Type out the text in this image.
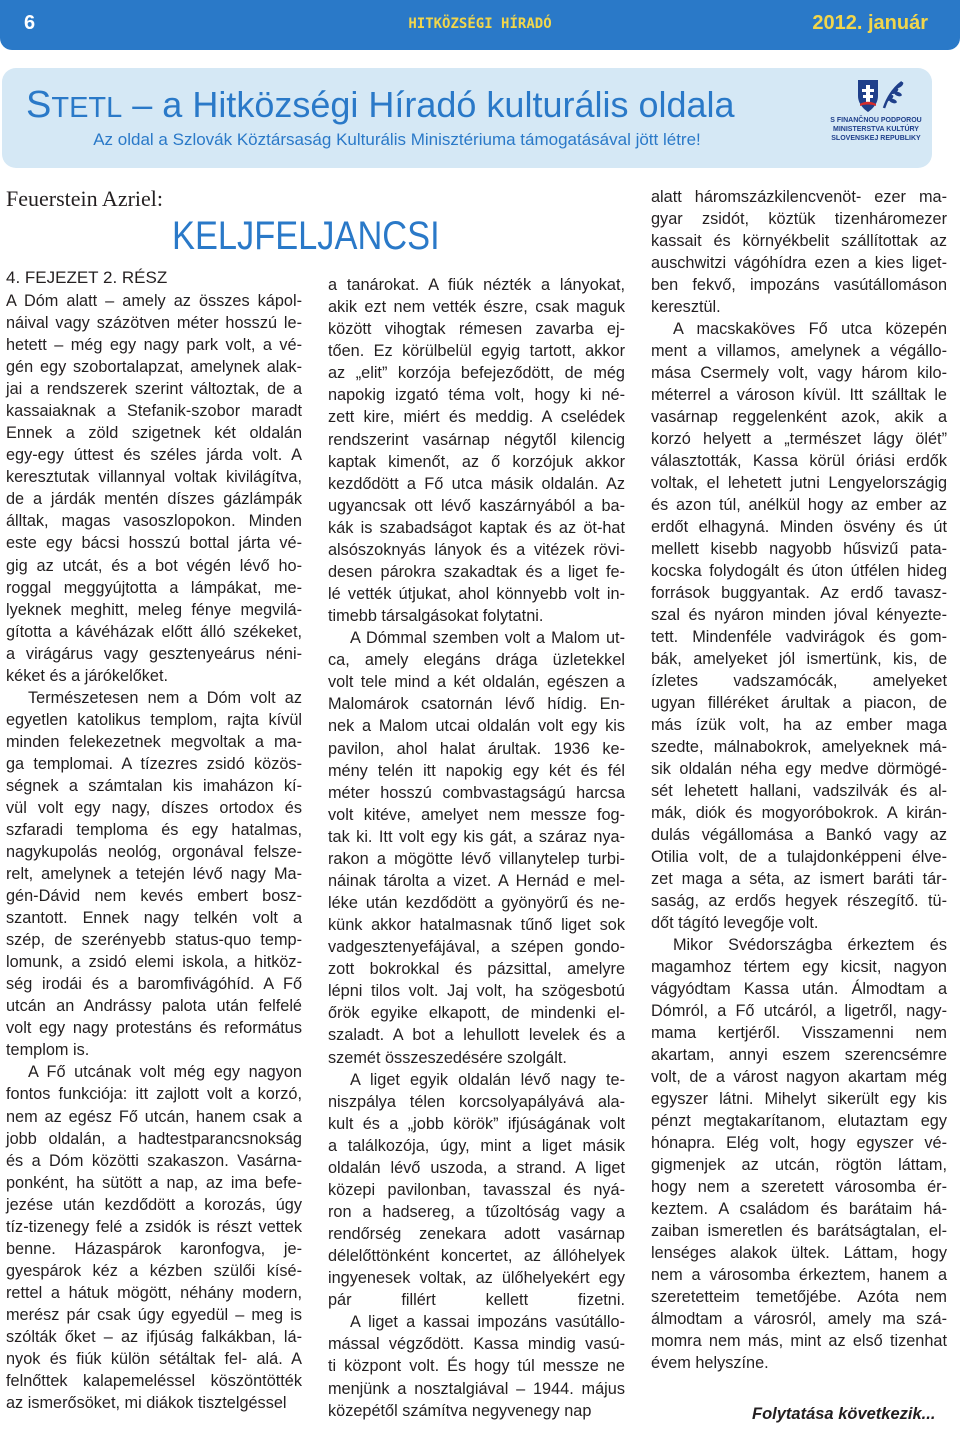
6	HITKÖZSÉGI HÍRADÓ	2012. január
STETL – a Hitközségi Híradó kulturális oldala
Az oldal a Szlovák Köztársaság Kulturális Minisztériuma támogatásával jött létre!
S FINANČNOU PODPOROU
MINISTERSTVA KULTÚRY
SLOVENSKEJ REPUBLIKY
Feuerstein Azriel:
KELJFELJANCSI
4. FEJEZET 2. RÉSZ
A Dóm alatt – amely az összes kápol-
náival vagy százötven méter hosszú le-
hetett – még egy nagy park volt, a vé-
gén egy szobortalapzat, amelynek alak-
jai a rendszerek szerint változtak, de a
kassaiaknak a Stefanik-szobor maradt
Ennek a zöld szigetnek két oldalán
egy-egy úttest és széles járda volt. A
keresztutak villannyal voltak kivilágítva,
de a járdák mentén díszes gázlámpák
álltak, magas vasoszlopokon. Minden
este egy bácsi hosszú bottal járta vé-
gig az utcát, és a bot végén lévő ho-
roggal meggyújtotta a lámpákat, me-
lyeknek meghitt, meleg fénye megvilá-
gította a kávéházak előtt álló székeket,
a virágárus vagy gesztenyeárus néni-
kéket és a járókelőket.
Természetesen nem a Dóm volt az
egyetlen katolikus templom, rajta kívül
minden felekezetnek megvoltak a ma-
ga templomai. A tízezres zsidó közös-
ségnek a számtalan kis imaházon kí-
vül volt egy nagy, díszes ortodox és
szfaradi temploma és egy hatalmas,
nagykupolás neológ, orgonával felsze-
relt, amelynek a tetején lévő nagy Ma-
gén-Dávid nem kevés embert bosz-
szantott. Ennek nagy telkén volt a
szép, de szerényebb status-quo temp-
lomunk, a zsidó elemi iskola, a hitköz-
ség irodái és a baromfivágóhíd. A Fő
utcán an Andrássy palota után felfelé
volt egy nagy protestáns és református
templom is.
A Fő utcának volt még egy nagyon
fontos funkciója: itt zajlott volt a korzó,
nem az egész Fő utcán, hanem csak a
jobb oldalán, a hadtestparancsnokság
és a Dóm közötti szakaszon. Vasárna-
ponként, ha sütött a nap, az ima befe-
jezése után kezdődött a korozás, úgy
tíz-tizenegy felé a zsidók is részt vettek
benne. Házaspárok karonfogva, je-
gyespárok kéz a kézben szülői kísé-
rettel a hátuk mögött, néhány modern,
merész pár csak úgy egyedül – meg is
szólták őket – az ifjúság falkákban, lá-
nyok és fiúk külön sétáltak fel- alá. A
felnőttek kalapemeléssel köszöntötték
az ismerősöket, mi diákok tisztelgéssel
a tanárokat. A fiúk nézték a lányokat,
akik ezt nem vették észre, csak maguk
között vihogtak rémesen zavarba ej-
tően. Ez körülbelül egyig tartott, akkor
az „elit” korzója befejeződött, de még
napokig izgató téma volt, hogy ki né-
zett kire, miért és meddig. A cselédek
rendszerint vasárnap négytől kilencig
kaptak kimenőt, az ő korzójuk akkor
kezdődött a Fő utca másik oldalán. Az
ugyancsak ott lévő kaszárnyából a ba-
kák is szabadságot kaptak és az öt-hat
alsószoknyás lányok és a vitézek rövi-
desen párokra szakadtak és a liget fe-
lé vették útjukat, ahol könnyebb volt in-
timebb társalgásokat folytatni.
A Dómmal szemben volt a Malom ut-
ca, amely elegáns drága üzletekkel
volt tele mind a két oldalán, egészen a
Malomárok csatornán lévő hídig. En-
nek a Malom utcai oldalán volt egy kis
pavilon, ahol halat árultak. 1936 ke-
mény telén itt napokig egy két és fél
méter hosszú combvastagságú harcsa
volt kitéve, amelyet nem messze fog-
tak ki. Itt volt egy kis gát, a száraz nya-
rakon a mögötte lévő villanytelep turbi-
náinak tárolta a vizet. A Hernád e mel-
léke után kezdődött a gyönyörű és ne-
künk akkor hatalmasnak tűnő liget sok
vadgesztenyefájával, a szépen gondo-
zott bokrokkal és pázsittal, amelyre
lépni tilos volt. Jaj volt, ha szögesbotú
őrök egyike elkapott, de mindenki el-
szaladt. A bot a lehullott levelek és a
szemét összeszedésére szolgált.
A liget egyik oldalán lévő nagy te-
niszpálya télen korcsolyapályává ala-
kult és a „jobb körök” ifjúságának volt
a találkozója, úgy, mint a liget másik
oldalán lévő uszoda, a strand. A liget
közepi pavilonban, tavasszal és nyá-
ron a hadsereg, a tűzoltóság vagy a
rendőrség zenekara adott vasárnap
délelőttönként koncertet, az állóhelyek
ingyenesek voltak, az ülőhelyekért egy
pár fillért kellett fizetni.
A liget a kassai impozáns vasútállo-
mással végződött. Kassa mindig vasú-
ti központ volt. És hogy túl messze ne
menjünk a nosztalgiával – 1944. május
közepétől számítva negyvenegy nap
alatt háromszázkilencvenöt- ezer ma-
gyar zsidót, köztük tizenháromezer
kassait és környékbelit szállítottak az
auschwitzi vágóhídra ezen a kies liget-
ben fekvő, impozáns vasútállomáson
keresztül.
A macskaköves Fő utca közepén
ment a villamos, amelynek a végállo-
mása Csermely volt, vagy három kilo-
méterrel a városon kívül. Itt szálltak le
vasárnap reggelenként azok, akik a
korzó helyett a „természet lágy ölét”
választották, Kassa körül óriási erdők
voltak, el lehetett jutni Lengyelországig
és azon túl, anélkül hogy az ember az
erdőt elhagyná. Minden ösvény és út
mellett kisebb nagyobb hűsvizű pata-
kocska folydogált és úton útfélen hideg
források buggyantak. Az erdő tavasz-
szal és nyáron minden jóval kényezte-
tett. Mindenféle vadvirágok és gom-
bák, amelyeket jól ismertünk, kis, de
ízletes vadszamócák, amelyeket
ugyan filléréket árultak a piacon, de
más ízük volt, ha az ember maga
szedte, málnabokrok, amelyeknek má-
sik oldalán néha egy medve dörmögé-
sét lehetett hallani, vadszilvák és al-
mák, diók és mogyoróbokrok. A kirán-
dulás végállomása a Bankó vagy az
Otilia volt, de a tulajdonképpeni élve-
zet maga a séta, az ismert baráti tár-
saság, az erdős hegyek részegítő. tü-
dőt tágító levegője volt.
Mikor Svédországba érkeztem és
magamhoz tértem egy kicsit, nagyon
vágyódtam Kassa után. Álmodtam a
Dómról, a Fő utcáról, a ligetről, nagy-
mama kertjéről. Visszamenni nem
akartam, annyi eszem szerencsémre
volt, de a várost nagyon akartam még
egyszer látni. Mihelyt sikerült egy kis
pénzt megtakarítanom, elutaztam egy
hónapra. Elég volt, hogy egyszer vé-
gigmenjek az utcán, rögtön láttam,
hogy nem a szeretett városomba ér-
keztem. A családom és barátaim há-
zaiban ismeretlen és barátságtalan, el-
lenséges alakok ültek. Láttam, hogy
nem a városomba érkeztem, hanem a
szeretetteim temetőjébe. Azóta nem
álmodtam a városról, amely ma szá-
momra nem más, mint az első tizenhat
évem helyszíne.
Folytatása következik...
